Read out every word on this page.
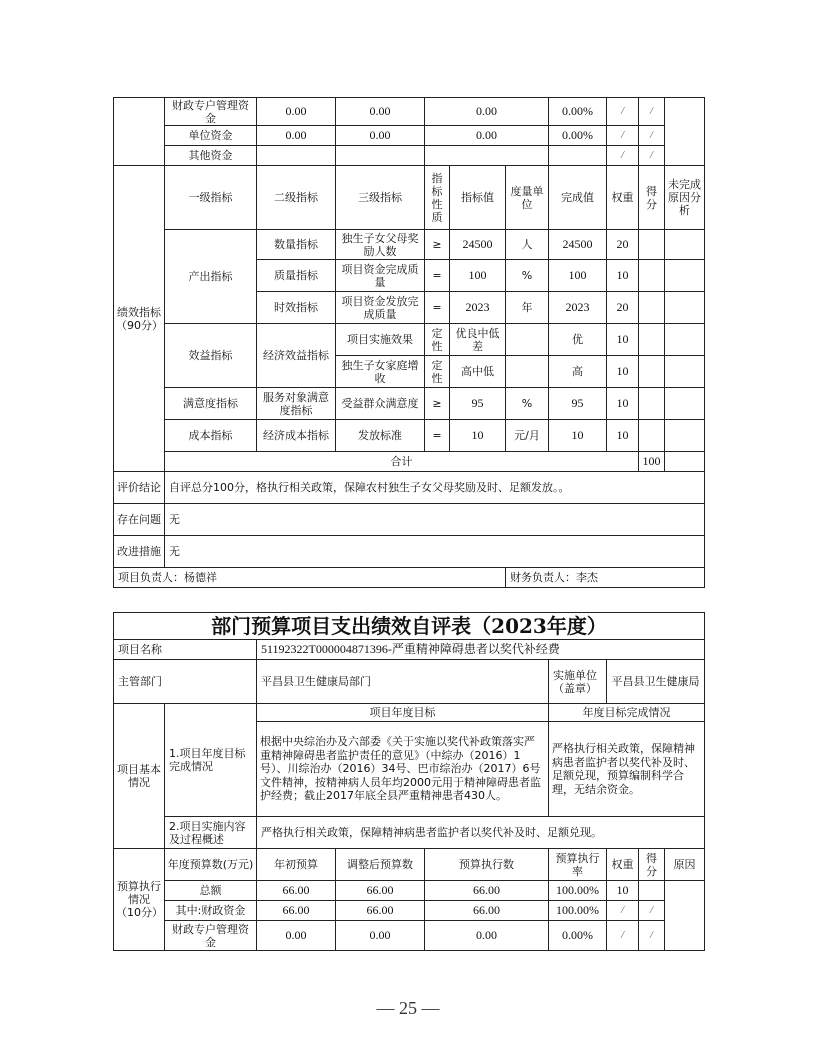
	财政专户管理资金	0.00	0.00	0.00			0.00%	/	/		
	单位资金	0.00	0.00	0.00			0.00%	/	/		
	其他资金							/	/		
绩效指标（90分）	一级指标	二级指标	三级指标	指标性质	指标值	度量单位	完成值	权重	得分	未完成原因分析	
	产出指标	数量指标	独生子女父母奖励人数	≥	24500	人	24500	20			
		质量指标	项目资金完成质量	=	100	%	100	10			
		时效指标	项目资金发放完成质量	=	2023	年	2023	20			
	效益指标	经济效益指标	项目实施效果	定性	优良中低差		优	10			
			独生子女家庭增收	定性	高中低		高	10			
	满意度指标	服务对象满意度指标	受益群众满意度	≥	95	%	95	10			
	成本指标	经济成本指标	发放标准	=	10	元/月	10	10			
	合计								100		
评价结论	自评总分100分，格执行相关政策，保障农村独生子女父母奖励及时、足额发放。。										
存在问题	无										
改进措施	无										
项目负责人：杨德祥						财务负责人：李杰					
部门预算项目支出绩效自评表（2023年度）								
项目名称		51192322T000004871396-严重精神障碍患者以奖代补经费						
主管部门		平昌县卫生健康局部门			实施单位（盖章）	平昌县卫生健康局		
项目基本情况	1.项目年度目标完成情况	项目年度目标			年度目标完成情况			
		根据中央综治办及六部委《关于实施以奖代补政策落实严重精神障碍患者监护责任的意见》（中综办（2016）1号）、川综治办（2016）34号、巴市综治办（2017）6号文件精神，按精神病人员年均2000元用于精神障碍患者监护经费；截止2017年底全县严重精神患者430人。			严格执行相关政策，保障精神病患者监护者以奖代补及时、足额兑现，预算编制科学合理，无结余资金。			
	2.项目实施内容及过程概述	严格执行相关政策，保障精神病患者监护者以奖代补及时、足额兑现。						
预算执行情况（10分）	年度预算数(万元)	年初预算	调整后预算数	预算执行数	预算执行率	权重	得分	原因
	总额	66.00	66.00	66.00	100.00%	10		
	其中:财政资金	66.00	66.00	66.00	100.00%	/	/	
	财政专户管理资金	0.00	0.00	0.00	0.00%	/	/	
— 25 —
